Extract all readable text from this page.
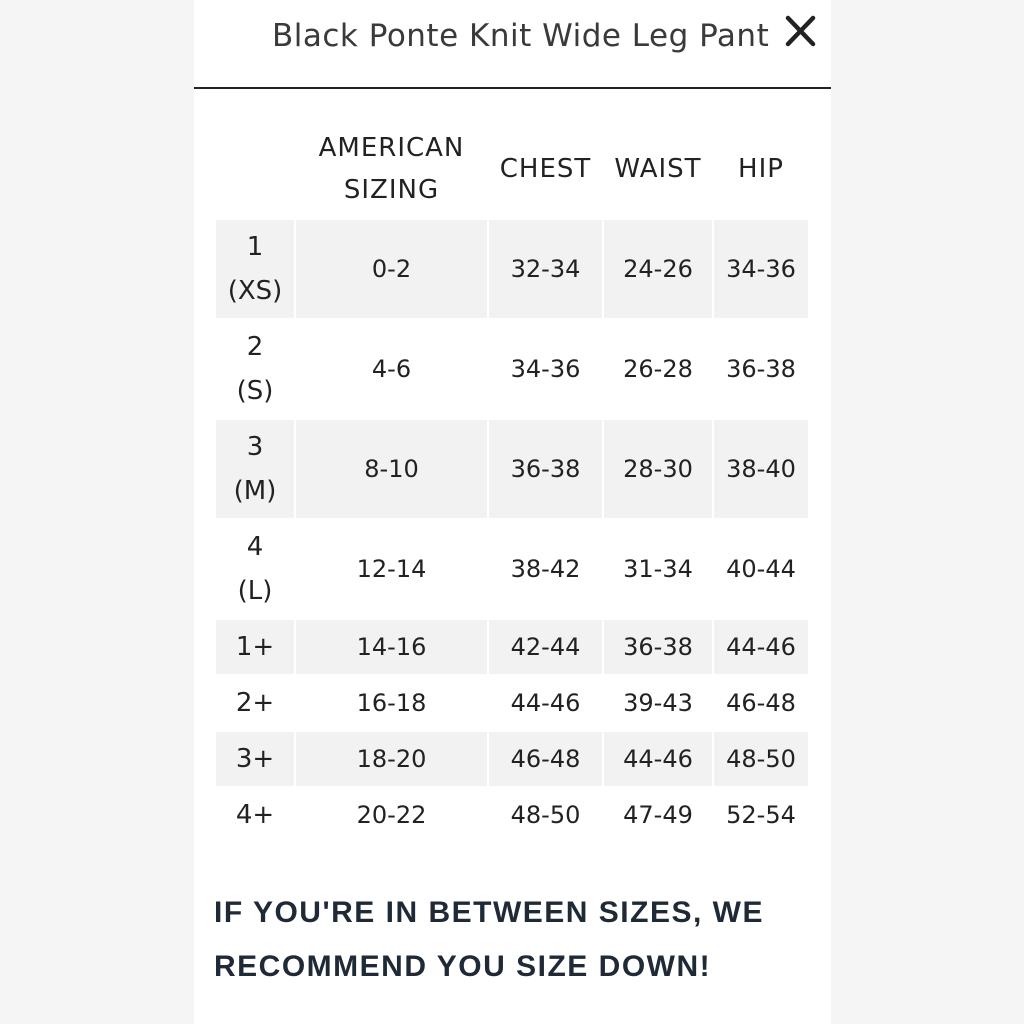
Black Ponte Knit Wide Leg Pant

	AMERICAN
SIZING	CHEST	WAIST	HIP

1
(XS)	0-2	32-34	24-26	34-36

2
(S)	4-6	34-36	26-28	36-38

3
(M)	8-10	36-38	28-30	38-40

4
(L)	12-14	38-42	31-34	40-44

1+	14-16	42-44	36-38	44-46

2+	16-18	44-46	39-43	46-48

3+	18-20	46-48	44-46	48-50

4+	20-22	48-50	47-49	52-54
IF YOU'RE IN BETWEEN SIZES, WE
RECOMMEND YOU SIZE DOWN!
